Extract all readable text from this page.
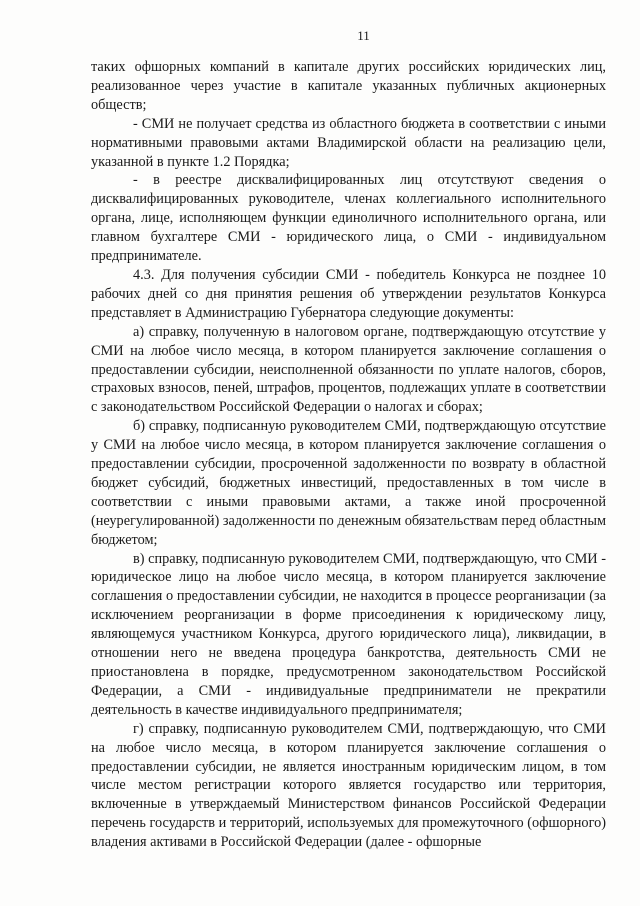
11

таких офшорных компаний в капитале других российских юридических лиц, реализованное через участие в капитале указанных публичных акционерных обществ;

- СМИ не получает средства из областного бюджета в соответствии с иными нормативными правовыми актами Владимирской области на реализацию цели, указанной в пункте 1.2 Порядка;

- в реестре дисквалифицированных лиц отсутствуют сведения о дисквалифицированных руководителе, членах коллегиального исполнительного органа, лице, исполняющем функции единоличного исполнительного органа, или главном бухгалтере СМИ - юридического лица, о СМИ - индивидуальном предпринимателе.

4.3. Для получения субсидии СМИ - победитель Конкурса не позднее 10 рабочих дней со дня принятия решения об утверждении результатов Конкурса представляет в Администрацию Губернатора следующие документы:

а) справку, полученную в налоговом органе, подтверждающую отсутствие у СМИ на любое число месяца, в котором планируется заключение соглашения о предоставлении субсидии, неисполненной обязанности по уплате налогов, сборов, страховых взносов, пеней, штрафов, процентов, подлежащих уплате в соответствии с законодательством Российской Федерации о налогах и сборах;

б) справку, подписанную руководителем СМИ, подтверждающую отсутствие у СМИ на любое число месяца, в котором планируется заключение соглашения о предоставлении субсидии, просроченной задолженности по возврату в областной бюджет субсидий, бюджетных инвестиций, предоставленных в том числе в соответствии с иными правовыми актами, а также иной просроченной (неурегулированной) задолженности по денежным обязательствам перед областным бюджетом;

в) справку, подписанную руководителем СМИ, подтверждающую, что СМИ - юридическое лицо на любое число месяца, в котором планируется заключение соглашения о предоставлении субсидии, не находится в процессе реорганизации (за исключением реорганизации в форме присоединения к юридическому лицу, являющемуся участником Конкурса, другого юридического лица), ликвидации, в отношении него не введена процедура банкротства, деятельность СМИ не приостановлена в порядке, предусмотренном законодательством Российской Федерации, а СМИ - индивидуальные предприниматели не прекратили деятельность в качестве индивидуального предпринимателя;

г) справку, подписанную руководителем СМИ, подтверждающую, что СМИ на любое число месяца, в котором планируется заключение соглашения о предоставлении субсидии, не является иностранным юридическим лицом, в том числе местом регистрации которого является государство или территория, включенные в утверждаемый Министерством финансов Российской Федерации перечень государств и территорий, используемых для промежуточного (офшорного) владения активами в Российской Федерации (далее - офшорные
